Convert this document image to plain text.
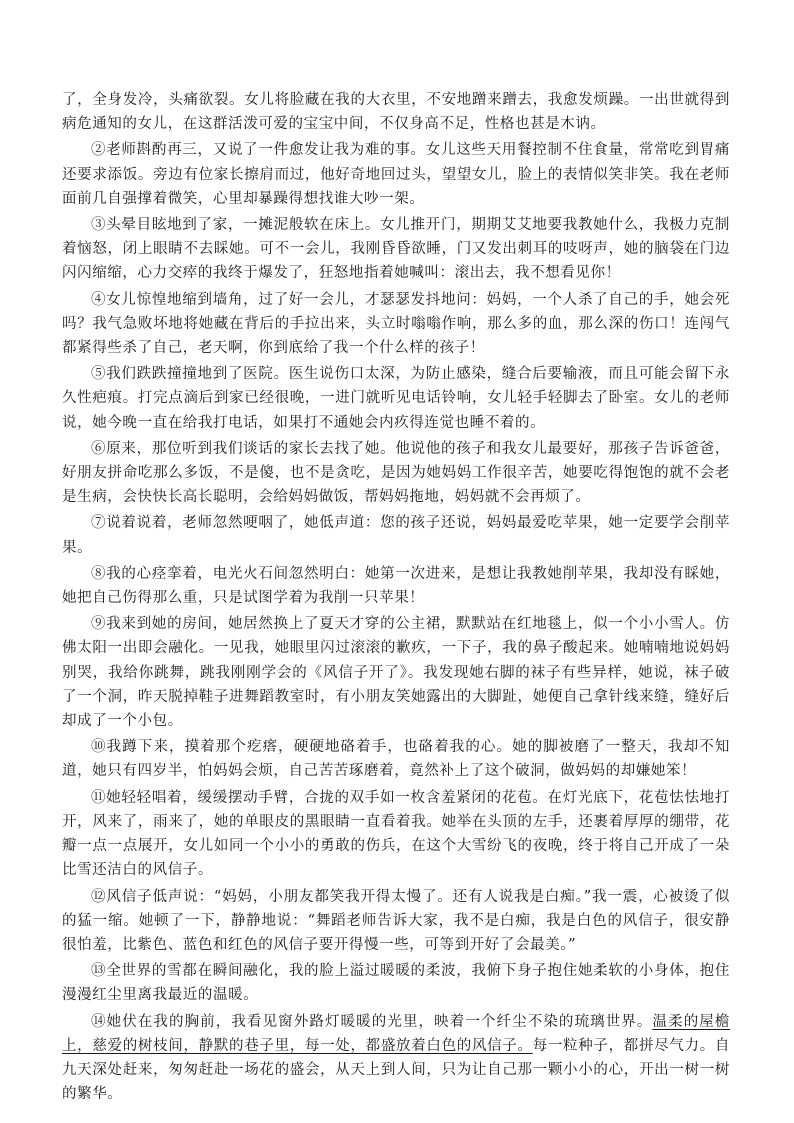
了，全身发冷，头痛欲裂。女儿将脸藏在我的大衣里，不安地蹭来蹭去，我愈发烦躁。一出世就得到病危通知的女儿，在这群活泼可爱的宝宝中间，不仅身高不足，性格也甚是木讷。

②老师斟酌再三，又说了一件愈发让我为难的事。女儿这些天用餐控制不住食量，常常吃到胃痛还要求添饭。旁边有位家长擦肩而过，他好奇地回过头，望望女儿，脸上的表情似笑非笑。我在老师面前几自强撑着微笑，心里却暴躁得想找谁大吵一架。

③头晕目眩地到了家，一摊泥般软在床上。女儿推开门，期期艾艾地要我教她什么，我极力克制着恼怒，闭上眼睛不去睬她。可不一会儿，我刚昏昏欲睡，门又发出刺耳的吱呀声，她的脑袋在门边闪闪缩缩，心力交瘁的我终于爆发了，狂怒地指着她喊叫：滚出去，我不想看见你！

④女儿惊惶地缩到墙角，过了好一会儿，才瑟瑟发抖地问：妈妈，一个人杀了自己的手，她会死吗？我气急败坏地将她藏在背后的手拉出来，头立时嗡嗡作响，那么多的血，那么深的伤口！连闯气都紧得些杀了自己，老天啊，你到底给了我一个什么样的孩子！

⑤我们跌跌撞撞地到了医院。医生说伤口太深，为防止感染，缝合后要输液，而且可能会留下永久性疤痕。打完点滴后到家已经很晚，一进门就听见电话铃响，女儿轻手轻脚去了卧室。女儿的老师说，她今晚一直在给我打电话，如果打不通她会内疚得连觉也睡不着的。

⑥原来，那位听到我们谈话的家长去找了她。他说他的孩子和我女儿最要好，那孩子告诉爸爸，好朋友拼命吃那么多饭，不是傻，也不是贪吃，是因为她妈妈工作很辛苦，她要吃得饱饱的就不会老是生病，会快快长高长聪明，会给妈妈做饭，帮妈妈拖地，妈妈就不会再烦了。

⑦说着说着，老师忽然哽咽了，她低声道：您的孩子还说，妈妈最爱吃苹果，她一定要学会削苹果。

⑧我的心痉挛着，电光火石间忽然明白：她第一次进来，是想让我教她削苹果，我却没有睬她，她把自己伤得那么重，只是试图学着为我削一只苹果！

⑨我来到她的房间，她居然换上了夏天才穿的公主裙，默默站在红地毯上，似一个小小雪人。仿佛太阳一出即会融化。一见我，她眼里闪过滚滚的歉疚，一下子，我的鼻子酸起来。她喃喃地说妈妈别哭，我给你跳舞，跳我刚刚学会的《风信子开了》。我发现她右脚的袜子有些异样，她说，袜子破了一个洞，昨天脱掉鞋子进舞蹈教室时，有小朋友笑她露出的大脚趾，她便自己拿针线来缝，缝好后却成了一个小包。

⑩我蹲下来，摸着那个疙瘩，硬硬地硌着手，也硌着我的心。她的脚被磨了一整天，我却不知道，她只有四岁半，怕妈妈会烦，自己苦苦琢磨着，竟然补上了这个破洞，做妈妈的却嫌她笨！

⑪她轻轻唱着，缓缓摆动手臂，合拢的双手如一枚含羞紧闭的花苞。在灯光底下，花苞怯怯地打开，风来了，雨来了，她的单眼皮的黑眼睛一直看着我。她举在头顶的左手，还裹着厚厚的绷带，花瓣一点一点展开，女儿如同一个小小的勇敢的伤兵，在这个大雪纷飞的夜晚，终于将自己开成了一朵比雪还洁白的风信子。

⑫风信子低声说：“妈妈，小朋友都笑我开得太慢了。还有人说我是白痴。”我一震，心被烫了似的猛一缩。她顿了一下，静静地说：“舞蹈老师告诉大家，我不是白痴，我是白色的风信子，很安静很怕羞，比紫色、蓝色和红色的风信子要开得慢一些，可等到开好了会最美。”

⑬全世界的雪都在瞬间融化，我的脸上溢过暖暖的柔波，我俯下身子抱住她柔软的小身体，抱住漫漫红尘里离我最近的温暖。

⑭她伏在我的胸前，我看见窗外路灯暖暖的光里，映着一个纤尘不染的琉璃世界。温柔的屋檐上，慈爱的树枝间，静默的巷子里，每一处，都盛放着白色的风信子。每一粒种子，都拼尽气力。自九天深处赶来，匆匆赶赴一场花的盛会，从天上到人间，只为让自己那一颗小小的心，开出一树一树的繁华。
